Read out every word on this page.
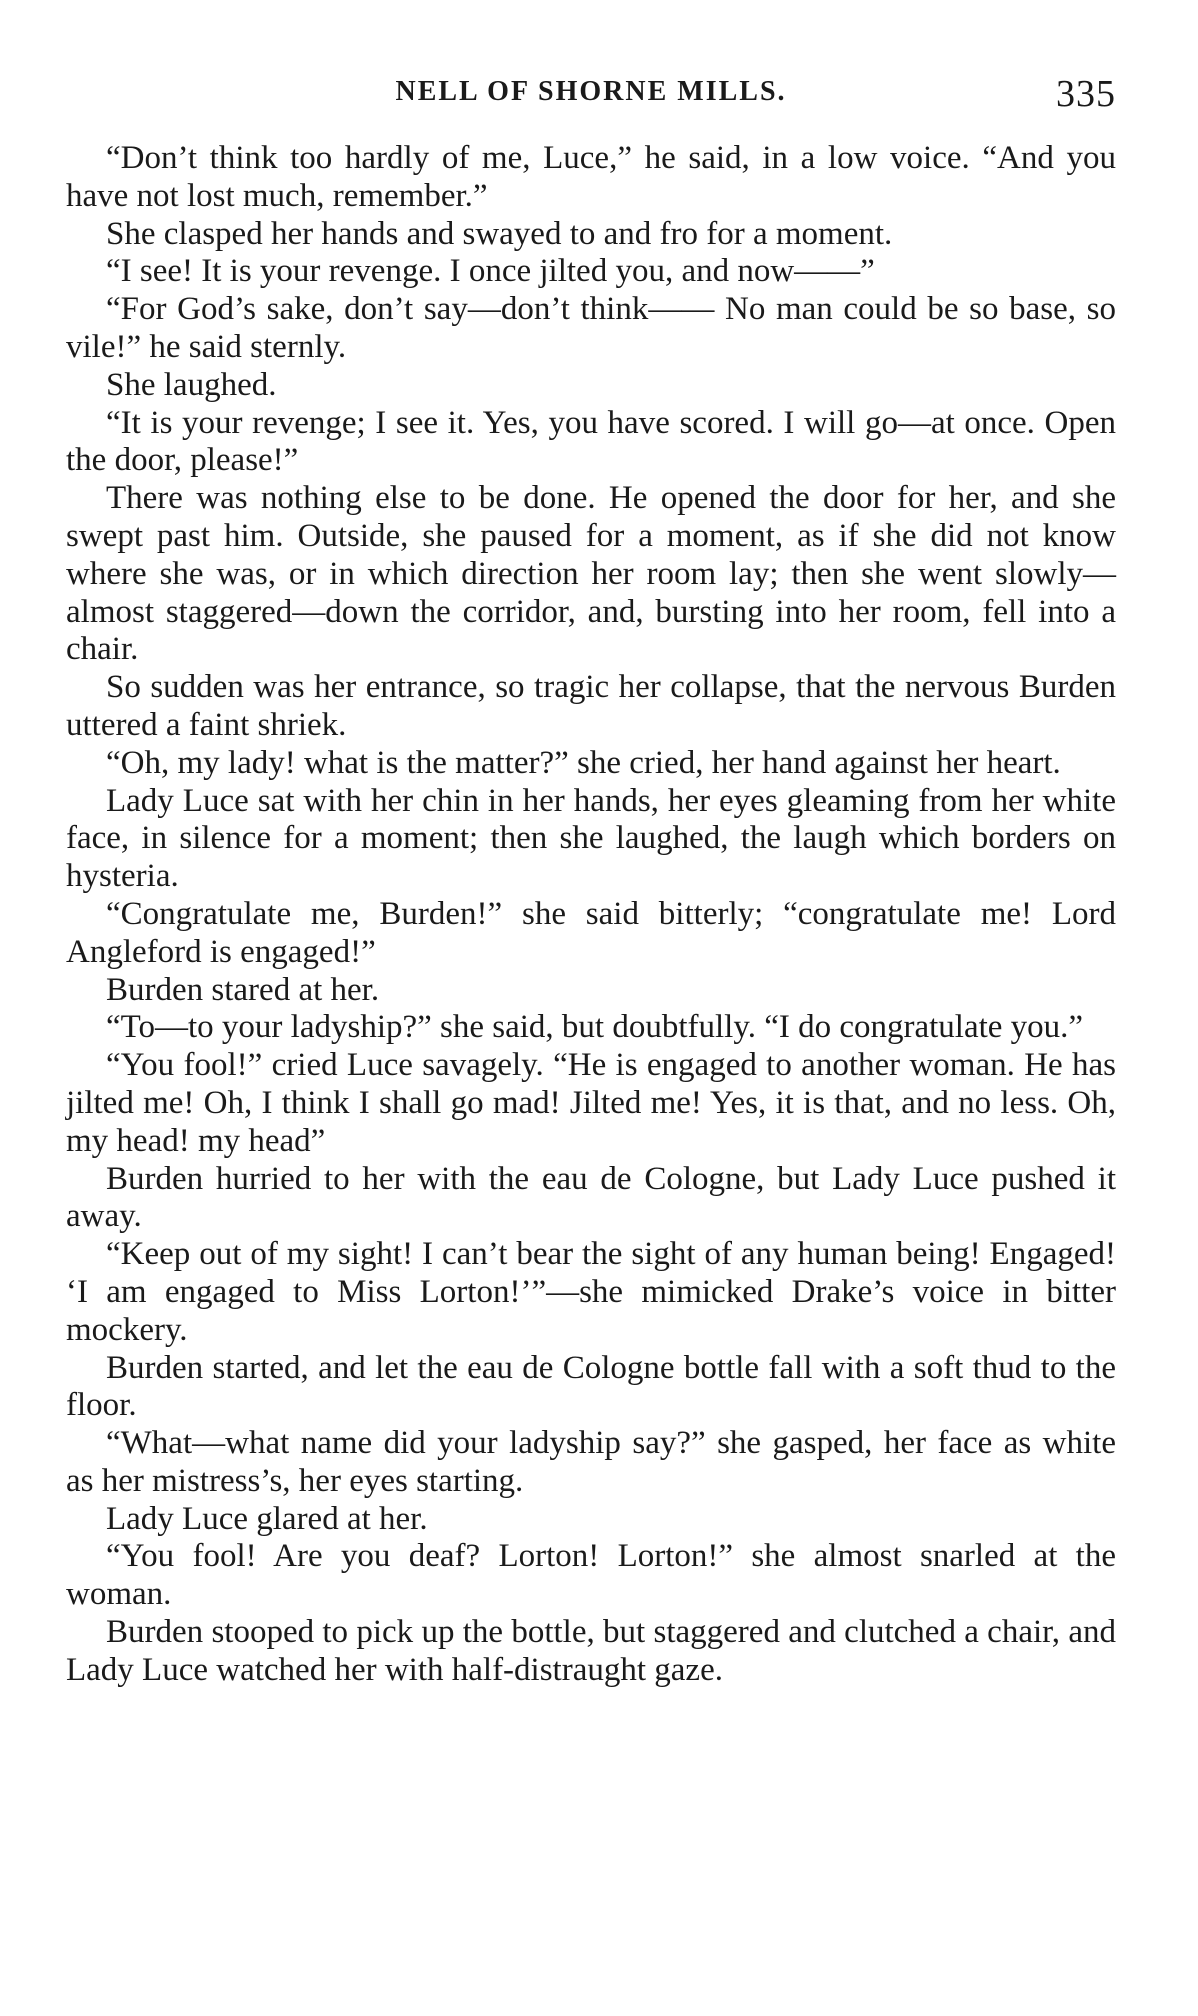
NELL OF SHORNE MILLS.	335

“Don’t think too hardly of me, Luce,” he said, in a low voice. “And you have not lost much, remember.”

She clasped her hands and swayed to and fro for a moment.

“I see! It is your revenge. I once jilted you, and now——”

“For God’s sake, don’t say—don’t think—— No man could be so base, so vile!” he said sternly.

She laughed.

“It is your revenge; I see it. Yes, you have scored. I will go—at once. Open the door, please!”

There was nothing else to be done. He opened the door for her, and she swept past him. Outside, she paused for a moment, as if she did not know where she was, or in which direction her room lay; then she went slowly—almost staggered—down the corridor, and, bursting into her room, fell into a chair.

So sudden was her entrance, so tragic her collapse, that the nervous Burden uttered a faint shriek.

“Oh, my lady! what is the matter?” she cried, her hand against her heart.

Lady Luce sat with her chin in her hands, her eyes gleaming from her white face, in silence for a moment; then she laughed, the laugh which borders on hysteria.

“Congratulate me, Burden!” she said bitterly; “congratulate me! Lord Angleford is engaged!”

Burden stared at her.

“To—to your ladyship?” she said, but doubtfully. “I do congratulate you.”

“You fool!” cried Luce savagely. “He is engaged to another woman. He has jilted me! Oh, I think I shall go mad! Jilted me! Yes, it is that, and no less. Oh, my head! my head”

Burden hurried to her with the eau de Cologne, but Lady Luce pushed it away.

“Keep out of my sight! I can’t bear the sight of any human being! Engaged! ‘I am engaged to Miss Lorton!’”—she mimicked Drake’s voice in bitter mockery.

Burden started, and let the eau de Cologne bottle fall with a soft thud to the floor.

“What—what name did your ladyship say?” she gasped, her face as white as her mistress’s, her eyes starting.

Lady Luce glared at her.

“You fool! Are you deaf? Lorton! Lorton!” she almost snarled at the woman.

Burden stooped to pick up the bottle, but staggered and clutched a chair, and Lady Luce watched her with half-distraught gaze.
